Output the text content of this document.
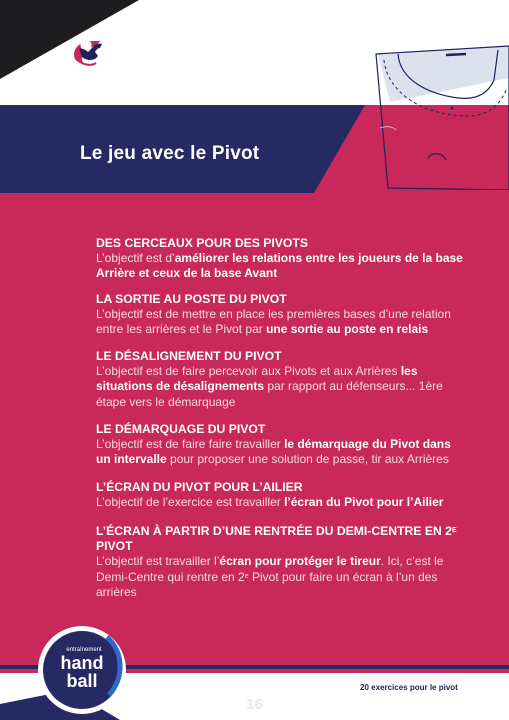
Le jeu avec le Pivot
DES CERCEAUX POUR DES PIVOTS
L’objectif est d’améliorer les relations entre les joueurs de la base Arrière et ceux de la base Avant
LA SORTIE AU POSTE DU PIVOT
L’objectif est de mettre en place les premières bases d’une relation entre les arrières et le Pivot par une sortie au poste en relais
LE DÉSALIGNEMENT DU PIVOT
L’objectif est de faire percevoir aux Pivots et aux Arrières les situations de désalignements par rapport au défenseurs... 1ère étape vers le démarquage
LE DÉMARQUAGE DU PIVOT
L’objectif est de faire faire travailler le démarquage du Pivot dans un intervalle pour proposer une solution de passe, tir aux Arrières
L’ÉCRAN DU PIVOT POUR L’AILIER
L’objectif de l’exercice est travailler l’écran du Pivot pour l’Ailier
L’ÉCRAN À PARTIR D’UNE RENTRÉE DU DEMI-CENTRE EN $2^E$ PIVOT
L’objectif est travailler l’écran pour protéger le tireur. Ici, c’est le Demi-Centre qui rentre en 2e Pivot pour faire un écran à l’un des arrières
entraînement
hand
ball	20 exercices pour le pivot
16
